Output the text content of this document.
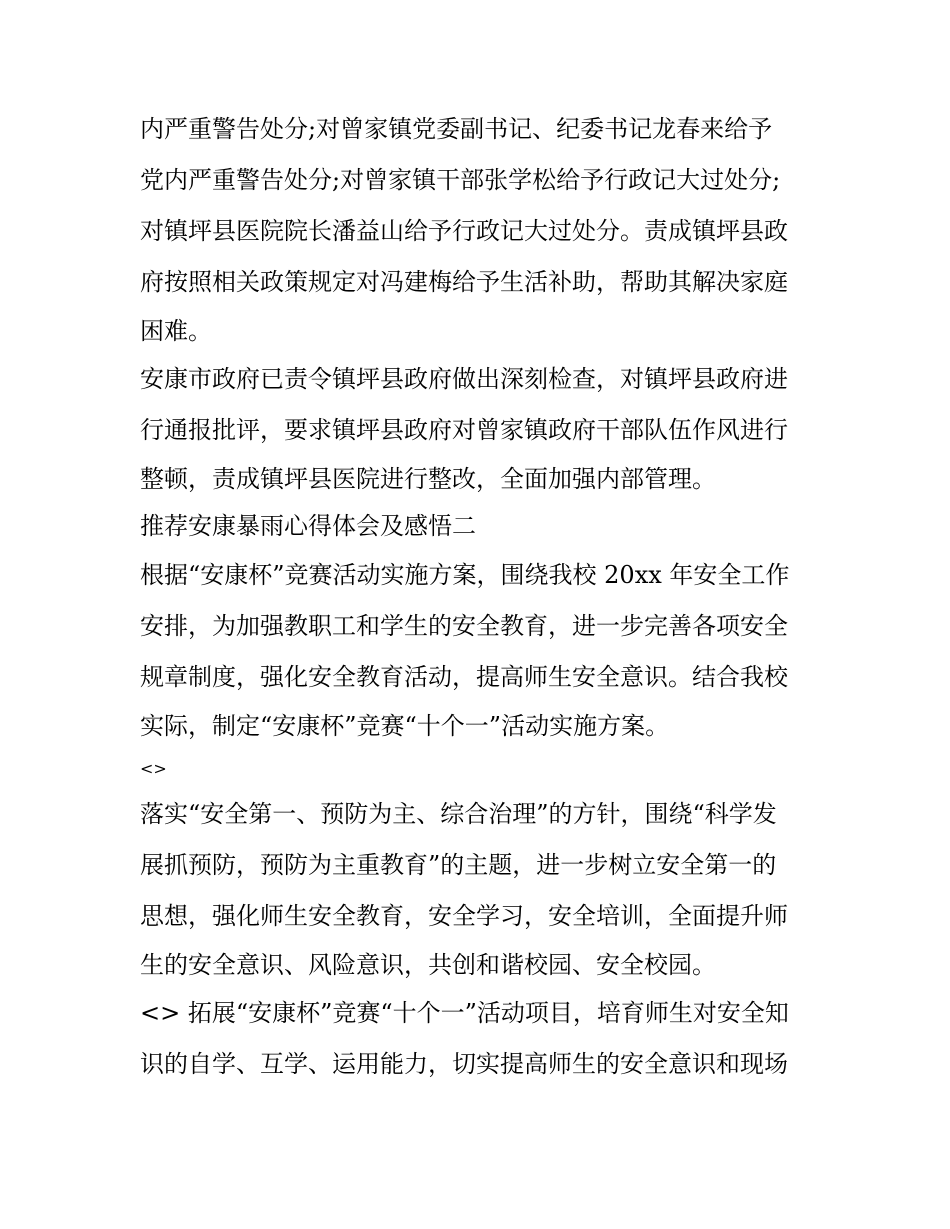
内严重警告处分;对曾家镇党委副书记、纪委书记龙春来给予
党内严重警告处分;对曾家镇干部张学松给予行政记大过处分;
对镇坪县医院院长潘益山给予行政记大过处分。责成镇坪县政
府按照相关政策规定对冯建梅给予生活补助，帮助其解决家庭
困难。
安康市政府已责令镇坪县政府做出深刻检查，对镇坪县政府进
行通报批评，要求镇坪县政府对曾家镇政府干部队伍作风进行
整顿，责成镇坪县医院进行整改，全面加强内部管理。
推荐安康暴雨心得体会及感悟二
根据“安康杯”竞赛活动实施方案，围绕我校 20xx 年安全工作
安排，为加强教职工和学生的安全教育，进一步完善各项安全
规章制度，强化安全教育活动，提高师生安全意识。结合我校
实际，制定“安康杯”竞赛“十个一”活动实施方案。
<>
落实“安全第一、预防为主、综合治理”的方针，围绕“科学发
展抓预防，预防为主重教育”的主题，进一步树立安全第一的
思想，强化师生安全教育，安全学习，安全培训，全面提升师
生的安全意识、风险意识，共创和谐校园、安全校园。
<> 拓展“安康杯”竞赛“十个一”活动项目，培育师生对安全知
识的自学、互学、运用能力，切实提高师生的安全意识和现场
